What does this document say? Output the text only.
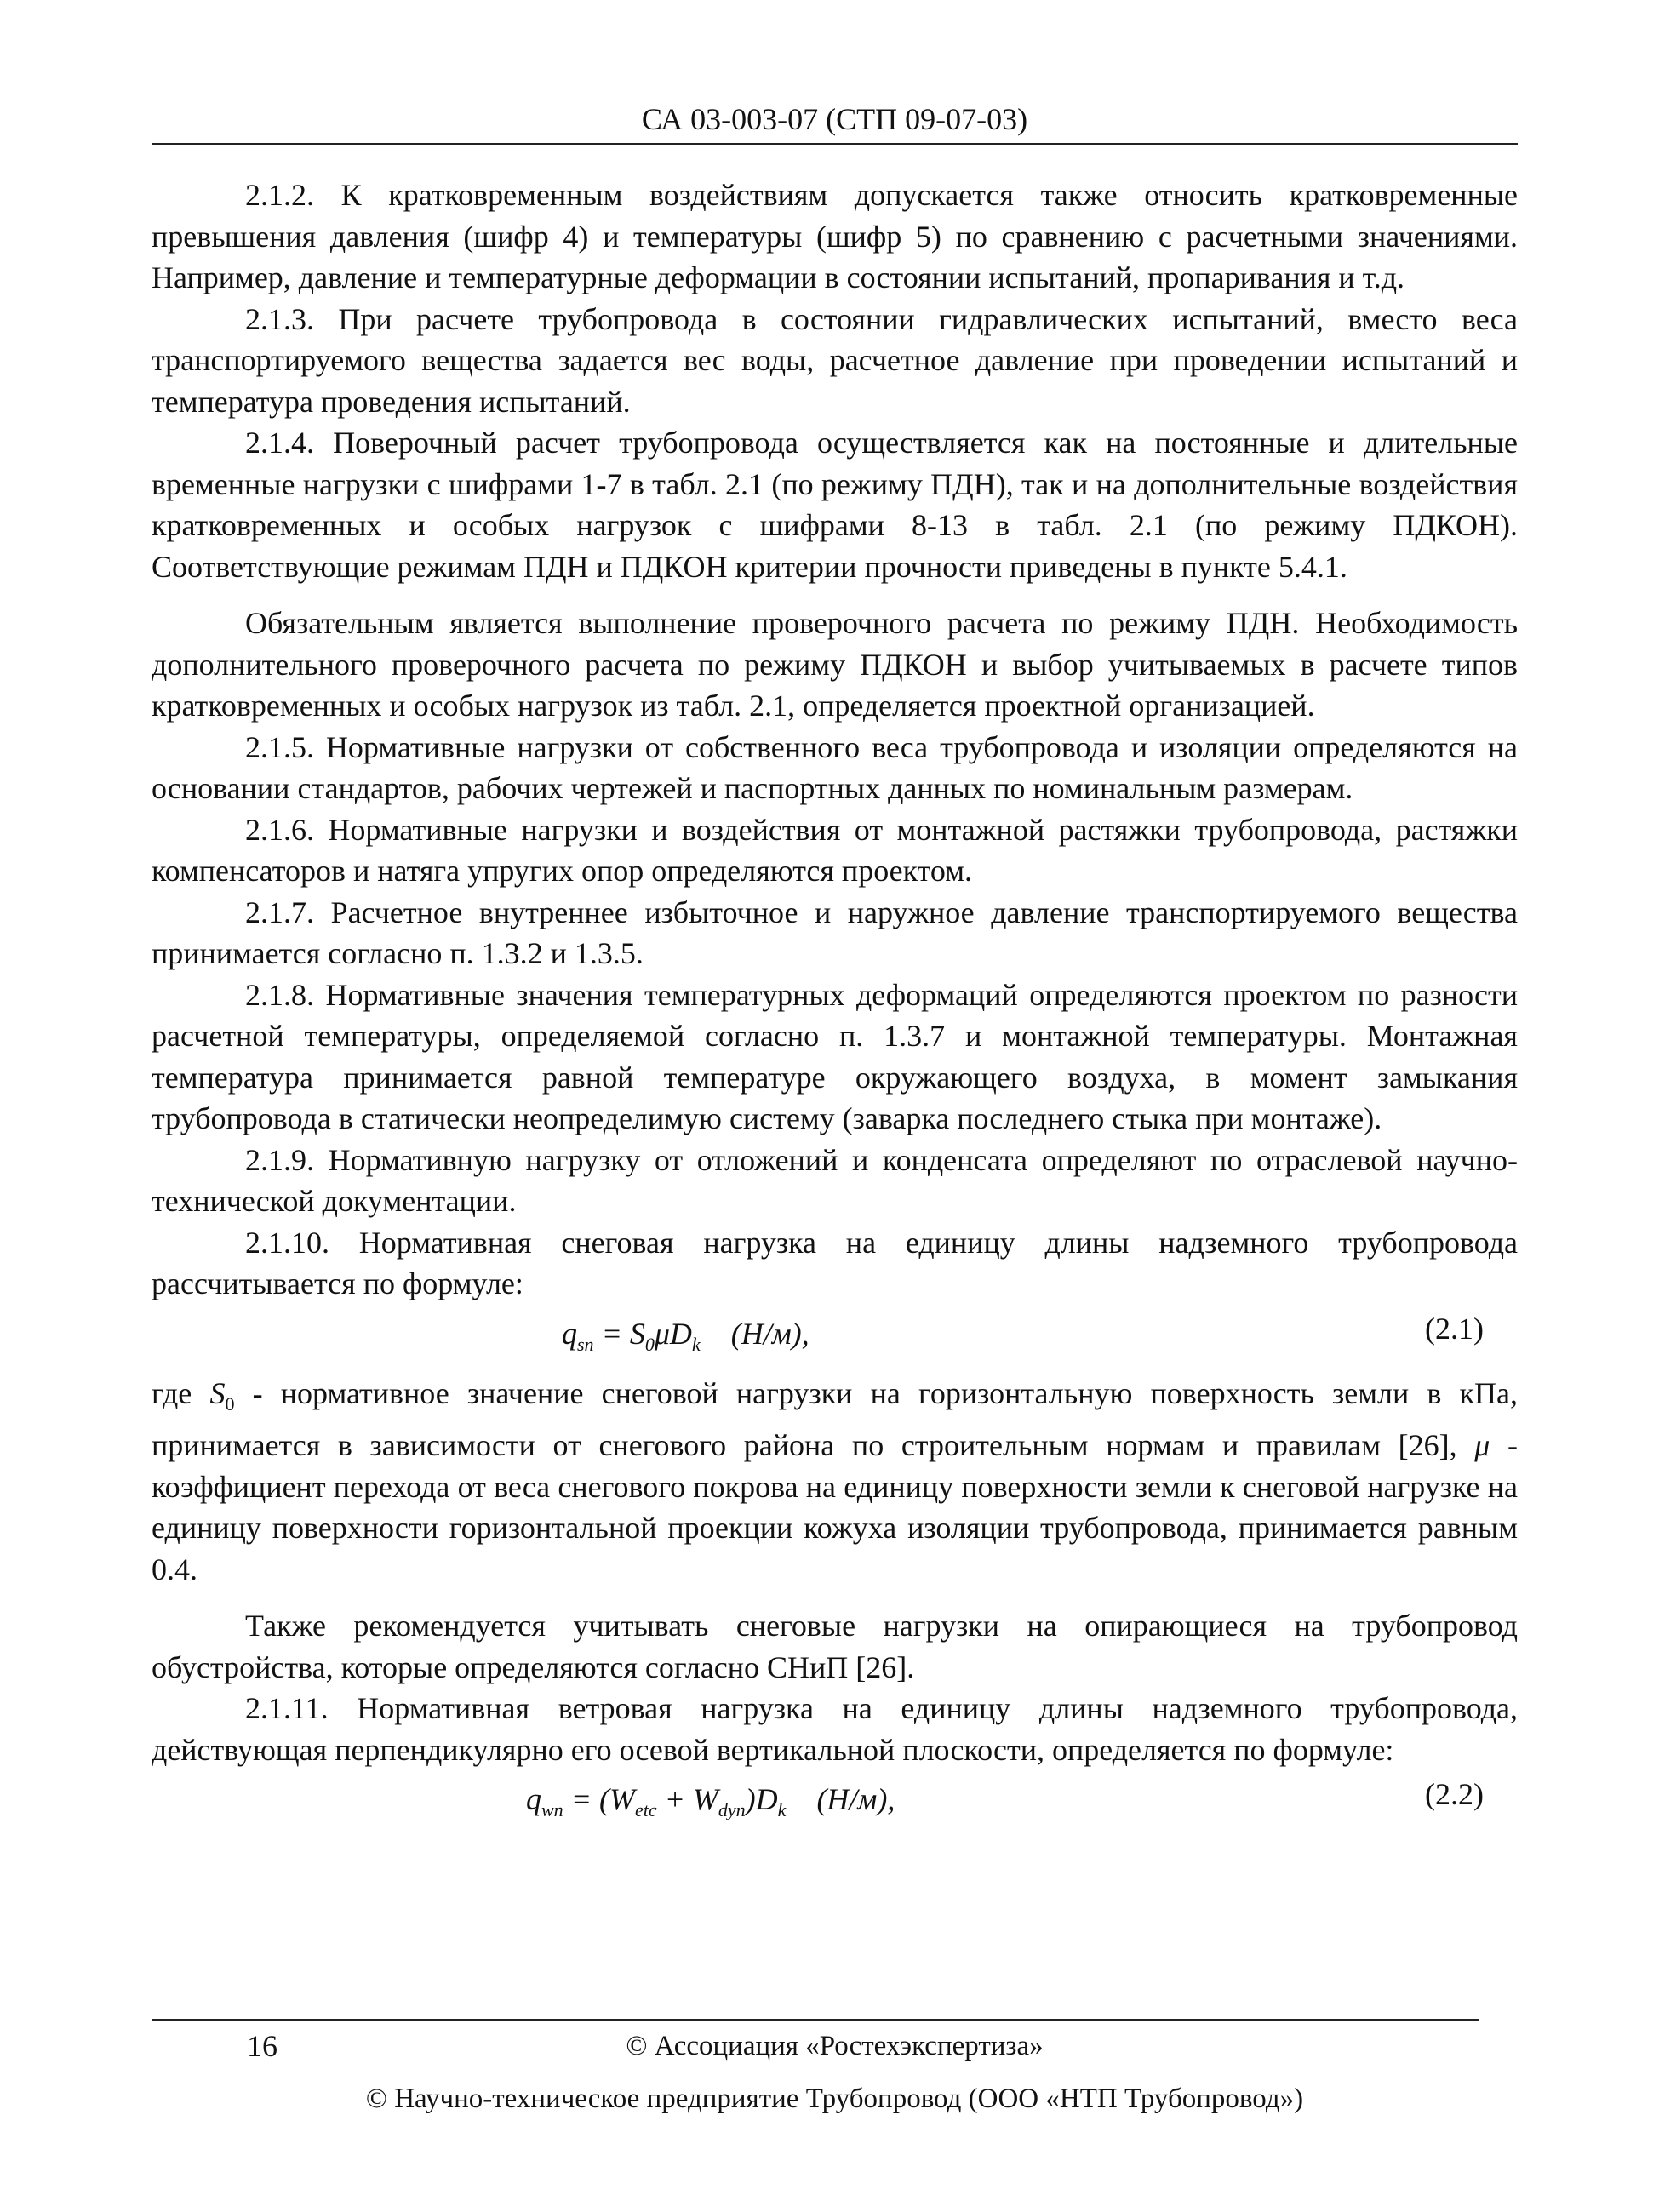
СА 03-003-07 (СТП 09-07-03)

2.1.2. К кратковременным воздействиям допускается также относить кратковременные превышения давления (шифр 4) и температуры (шифр 5) по сравнению с расчетными значениями. Например, давление и температурные деформации в состоянии испытаний, пропаривания и т.д.

2.1.3. При расчете трубопровода в состоянии гидравлических испытаний, вместо веса транспортируемого вещества задается вес воды, расчетное давление при проведении испытаний и температура проведения испытаний.

2.1.4. Поверочный расчет трубопровода осуществляется как на постоянные и длительные временные нагрузки с шифрами 1-7 в табл. 2.1 (по режиму ПДН), так и на дополнительные воздействия кратковременных и особых нагрузок с шифрами 8-13 в табл. 2.1 (по режиму ПДКОН). Соответствующие режимам ПДН и ПДКОН критерии прочности приведены в пункте 5.4.1.

Обязательным является выполнение проверочного расчета по режиму ПДН. Необходимость дополнительного проверочного расчета по режиму ПДКОН и выбор учитываемых в расчете типов кратковременных и особых нагрузок из табл. 2.1, определяется проектной организацией.

2.1.5. Нормативные нагрузки от собственного веса трубопровода и изоляции определяются на основании стандартов, рабочих чертежей и паспортных данных по номинальным размерам.

2.1.6. Нормативные нагрузки и воздействия от монтажной растяжки трубопровода, растяжки компенсаторов и натяга упругих опор определяются проектом.

2.1.7. Расчетное внутреннее избыточное и наружное давление транспортируемого вещества принимается согласно п. 1.3.2 и 1.3.5.

2.1.8. Нормативные значения температурных деформаций определяются проектом по разности расчетной температуры, определяемой согласно п. 1.3.7 и монтажной температуры. Монтажная температура принимается равной температуре окружающего воздуха, в момент замыкания трубопровода в статически неопределимую систему (заварка последнего стыка при монтаже).

2.1.9. Нормативную нагрузку от отложений и конденсата определяют по отраслевой научно-технической документации.

2.1.10. Нормативная снеговая нагрузка на единицу длины надземного трубопровода рассчитывается по формуле:

$q_{sn} = S_0\mu D_k$ (Н/м),	(2.1)

где $S_0$ - нормативное значение снеговой нагрузки на горизонтальную поверхность земли в кПа, принимается в зависимости от снегового района по строительным нормам и правилам [26], μ - коэффициент перехода от веса снегового покрова на единицу поверхности земли к снеговой нагрузке на единицу поверхности горизонтальной проекции кожуха изоляции трубопровода, принимается равным 0.4.

Также рекомендуется учитывать снеговые нагрузки на опирающиеся на трубопровод обустройства, которые определяются согласно СНиП [26].

2.1.11. Нормативная ветровая нагрузка на единицу длины надземного трубопровода, действующая перпендикулярно его осевой вертикальной плоскости, определяется по формуле:

$q_{wn} = (W_{etc} + W_{dyn})D_k$ (Н/м),	(2.2)
16	© Ассоциация «Ростехэкспертиза»
© Научно-техническое предприятие Трубопровод (ООО «НТП Трубопровод»)
